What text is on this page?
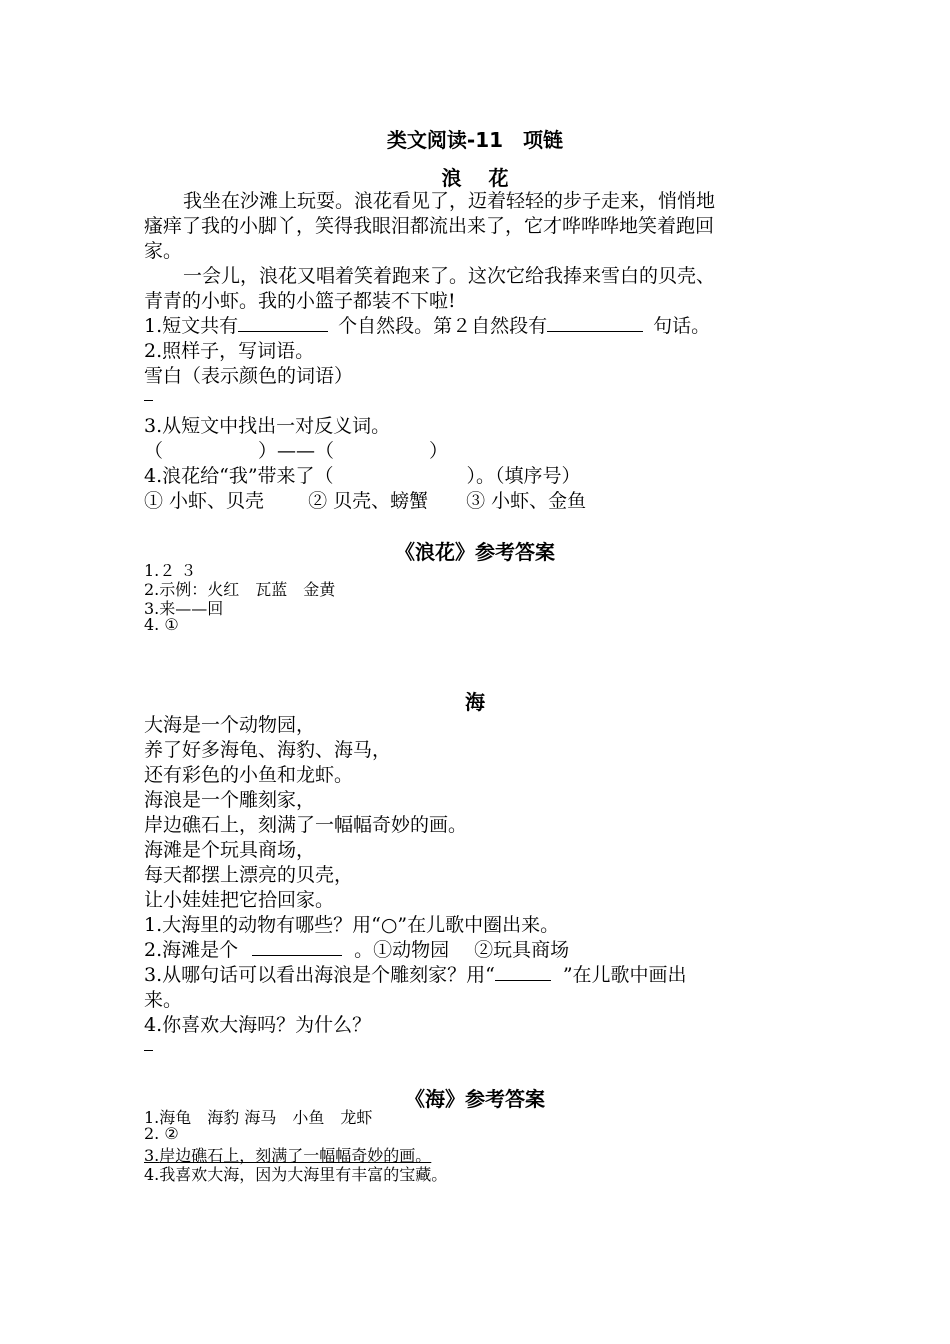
类文阅读-11　项链
浪　 花
我坐在沙滩上玩耍。浪花看见了，迈着轻轻的步子走来，悄悄地
瘙痒了我的小脚丫，笑得我眼泪都流出来了，它才哗哗哗地笑着跑回
家。
一会儿，浪花又唱着笑着跑来了。这次它给我捧来雪白的贝壳、
青青的小虾。我的小篮子都装不下啦!
1.短文共有	个自然段。第２自然段有	句话。
2.照样子，写词语。
雪白（表示颜色的词语）
3.从短文中找出一对反义词。
（　　　　　）——（　　　　　）
4.浪花给“我”带来了（　　　　　　　）。（填序号）
① 小虾、贝壳　　 ② 贝壳、螃蟹　　③ 小虾、金鱼
《浪花》参考答案
1.２ ３
2.示例：火红　瓦蓝　金黄
3.来——回
4. ①
海
大海是一个动物园，
养了好多海龟、海豹、海马，
还有彩色的小鱼和龙虾。
海浪是一个雕刻家，
岸边礁石上，刻满了一幅幅奇妙的画。
海滩是个玩具商场，
每天都摆上漂亮的贝壳，
让小娃娃把它拾回家。
1.大海里的动物有哪些？用“○”在儿歌中圈出来。
2.海滩是个	。①动物园　 ②玩具商场
3.从哪句话可以看出海浪是个雕刻家？用“	”在儿歌中画出
来。
4.你喜欢大海吗？为什么？
《海》参考答案
1.海龟　海豹 海马　小鱼　龙虾
2. ②
3.岸边礁石上，刻满了一幅幅奇妙的画。
4.我喜欢大海，因为大海里有丰富的宝藏。
